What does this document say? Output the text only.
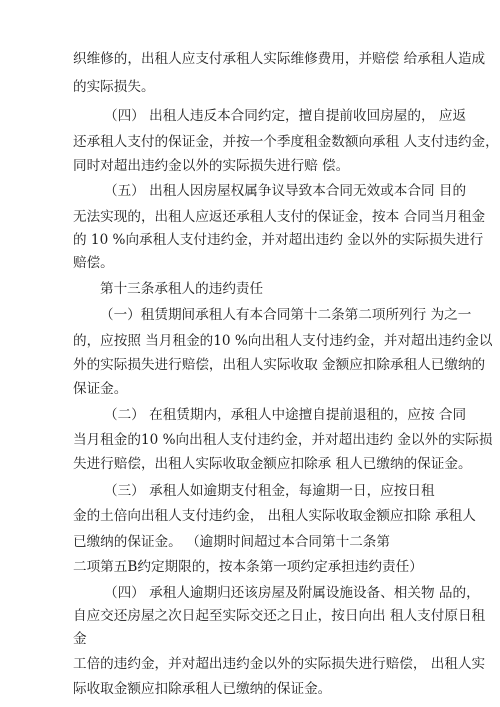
织维修的，出租人应支付承租人实际维修费用，并赔偿 给承租人造成
的实际损失。
（四） 出租人违反本合同约定，擅自提前收回房屋的， 应返
还承租人支付的保证金，并按一个季度租金数额向承租 人支付违约金，
同时对超出违约金以外的实际损失进行赔 偿。
（五） 出租人因房屋权属争议导致本合同无效或本合同 目的
无法实现的，出租人应返还承租人支付的保证金，按本 合同当月租金
的 10 %向承租人支付违约金，并对超出违约 金以外的实际损失进行
赔偿。
第十三条承租人的违约责任
（一）租赁期间承租人有本合同第十二条第二项所列行 为之一
的，应按照 当月租金的10 %向出租人支付违约金，并对超出违约金以
外的实际损失进行赔偿，出租人实际收取 金额应扣除承租人已缴纳的
保证金。
（二） 在租赁期内，承租人中途擅自提前退租的，应按 合同
当月租金的10 %向出租人支付违约金，并对超出违约 金以外的实际损
失进行赔偿，出租人实际收取金额应扣除承 租人已缴纳的保证金。
（三） 承租人如逾期支付租金，每逾期一日，应按日租
金的土倍向出租人支付违约金， 出租人实际收取金额应扣除 承租人
已缴纳的保证金。 （逾期时间超过本合同第十二条第
二项第五B约定期限的，按本条第一项约定承担违约责任）
（四） 承租人逾期归还该房屋及附属设施设备、相关物 品的，
自应交还房屋之次日起至实际交还之日止，按日向出 租人支付原日租
金
工倍的违约金，并对超出违约金以外的实际损失进行赔偿， 出租人实
际收取金额应扣除承租人已缴纳的保证金。
